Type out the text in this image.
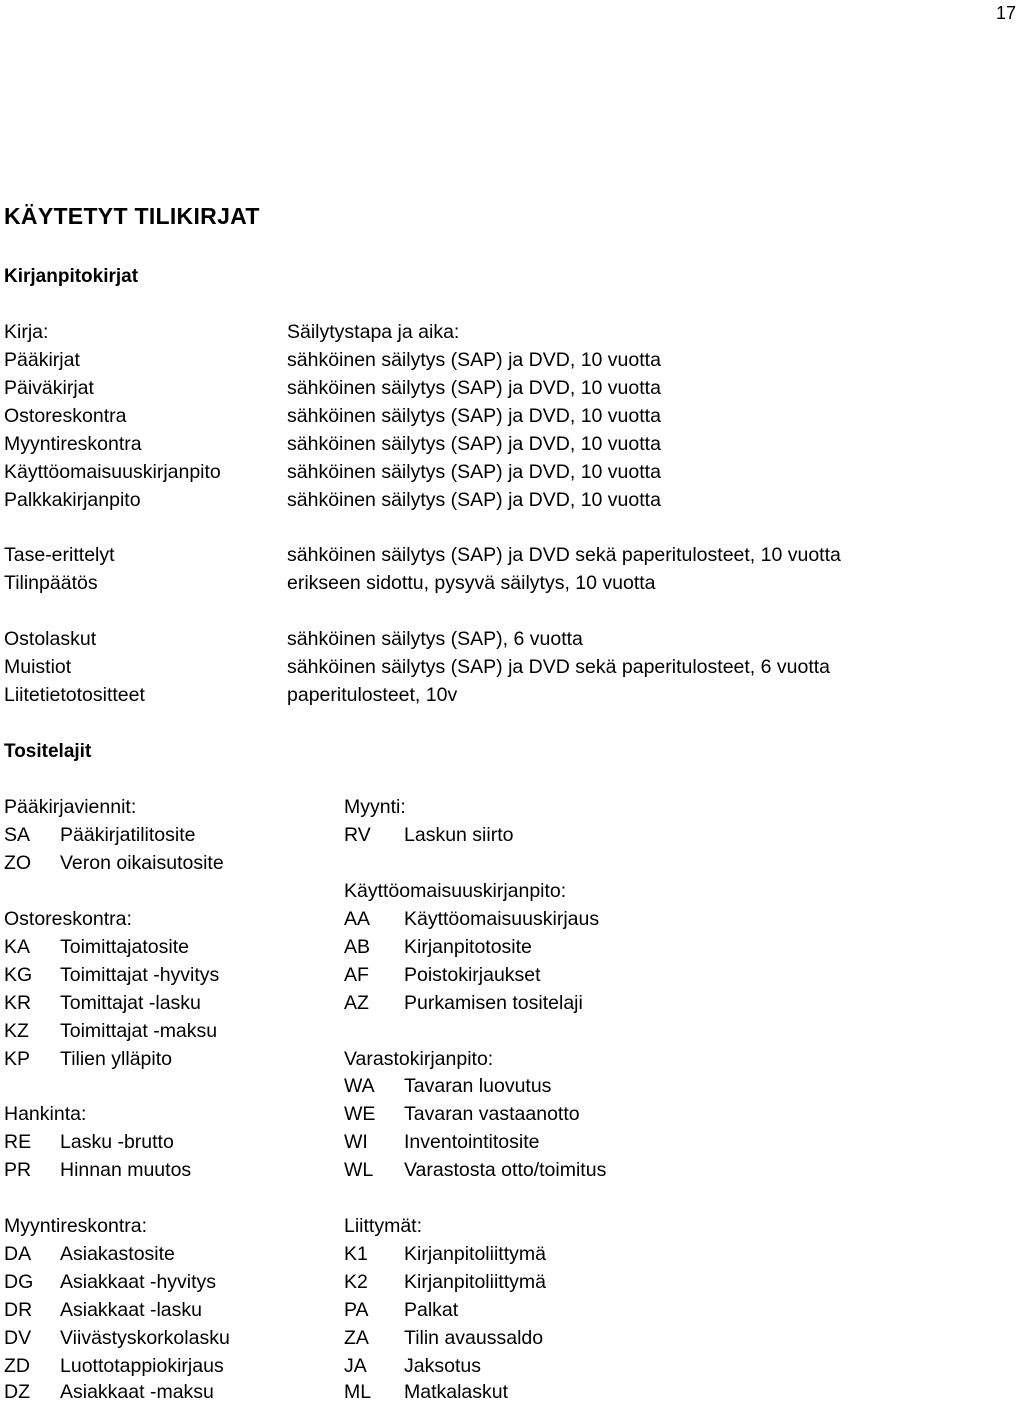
17
KÄYTETYT TILIKIRJAT
Kirjanpitokirjat
Kirja:	Säilytystapa ja aika:
Pääkirjat	sähköinen säilytys (SAP) ja DVD, 10 vuotta
Päiväkirjat	sähköinen säilytys (SAP) ja DVD, 10 vuotta
Ostoreskontra	sähköinen säilytys (SAP) ja DVD, 10 vuotta
Myyntireskontra	sähköinen säilytys (SAP) ja DVD, 10 vuotta
Käyttöomaisuuskirjanpito	sähköinen säilytys (SAP) ja DVD, 10 vuotta
Palkkakirjanpito	sähköinen säilytys (SAP) ja DVD, 10 vuotta
Tase-erittelyt	sähköinen säilytys (SAP) ja DVD sekä paperitulosteet, 10 vuotta
Tilinpäätös	erikseen sidottu, pysyvä säilytys, 10 vuotta
Ostolaskut	sähköinen säilytys (SAP), 6 vuotta
Muistiot	sähköinen säilytys (SAP) ja DVD sekä paperitulosteet, 6 vuotta
Liitetietotositteet	paperitulosteet, 10v
Tositelajit
Pääkirjaviennit:
SA Pääkirjatilitosite
ZO Veron oikaisutosite
Ostoreskontra:
KA Toimittajatosite
KG Toimittajat -hyvitys
KR Tomittajat -lasku
KZ Toimittajat -maksu
KP Tilien ylläpito
Hankinta:
RE Lasku -brutto
PR Hinnan muutos
Myyntireskontra:
DA Asiakastosite
DG Asiakkaat -hyvitys
DR Asiakkaat -lasku
DV Viivästyskorkolasku
ZD Luottotappiokirjaus
DZ Asiakkaat -maksu
Myynti:
RV Laskun siirto
Käyttöomaisuuskirjanpito:
AA Käyttöomaisuuskirjaus
AB Kirjanpitotosite
AF Poistokirjaukset
AZ Purkamisen tositelaji
Varastokirjanpito:
WA Tavaran luovutus
WE Tavaran vastaanotto
WI Inventointitosite
WL Varastosta otto/toimitus
Liittymät:
K1 Kirjanpitoliittymä
K2 Kirjanpitoliittymä
PA Palkat
ZA Tilin avaussaldo
JA Jaksotus
ML Matkalaskut
